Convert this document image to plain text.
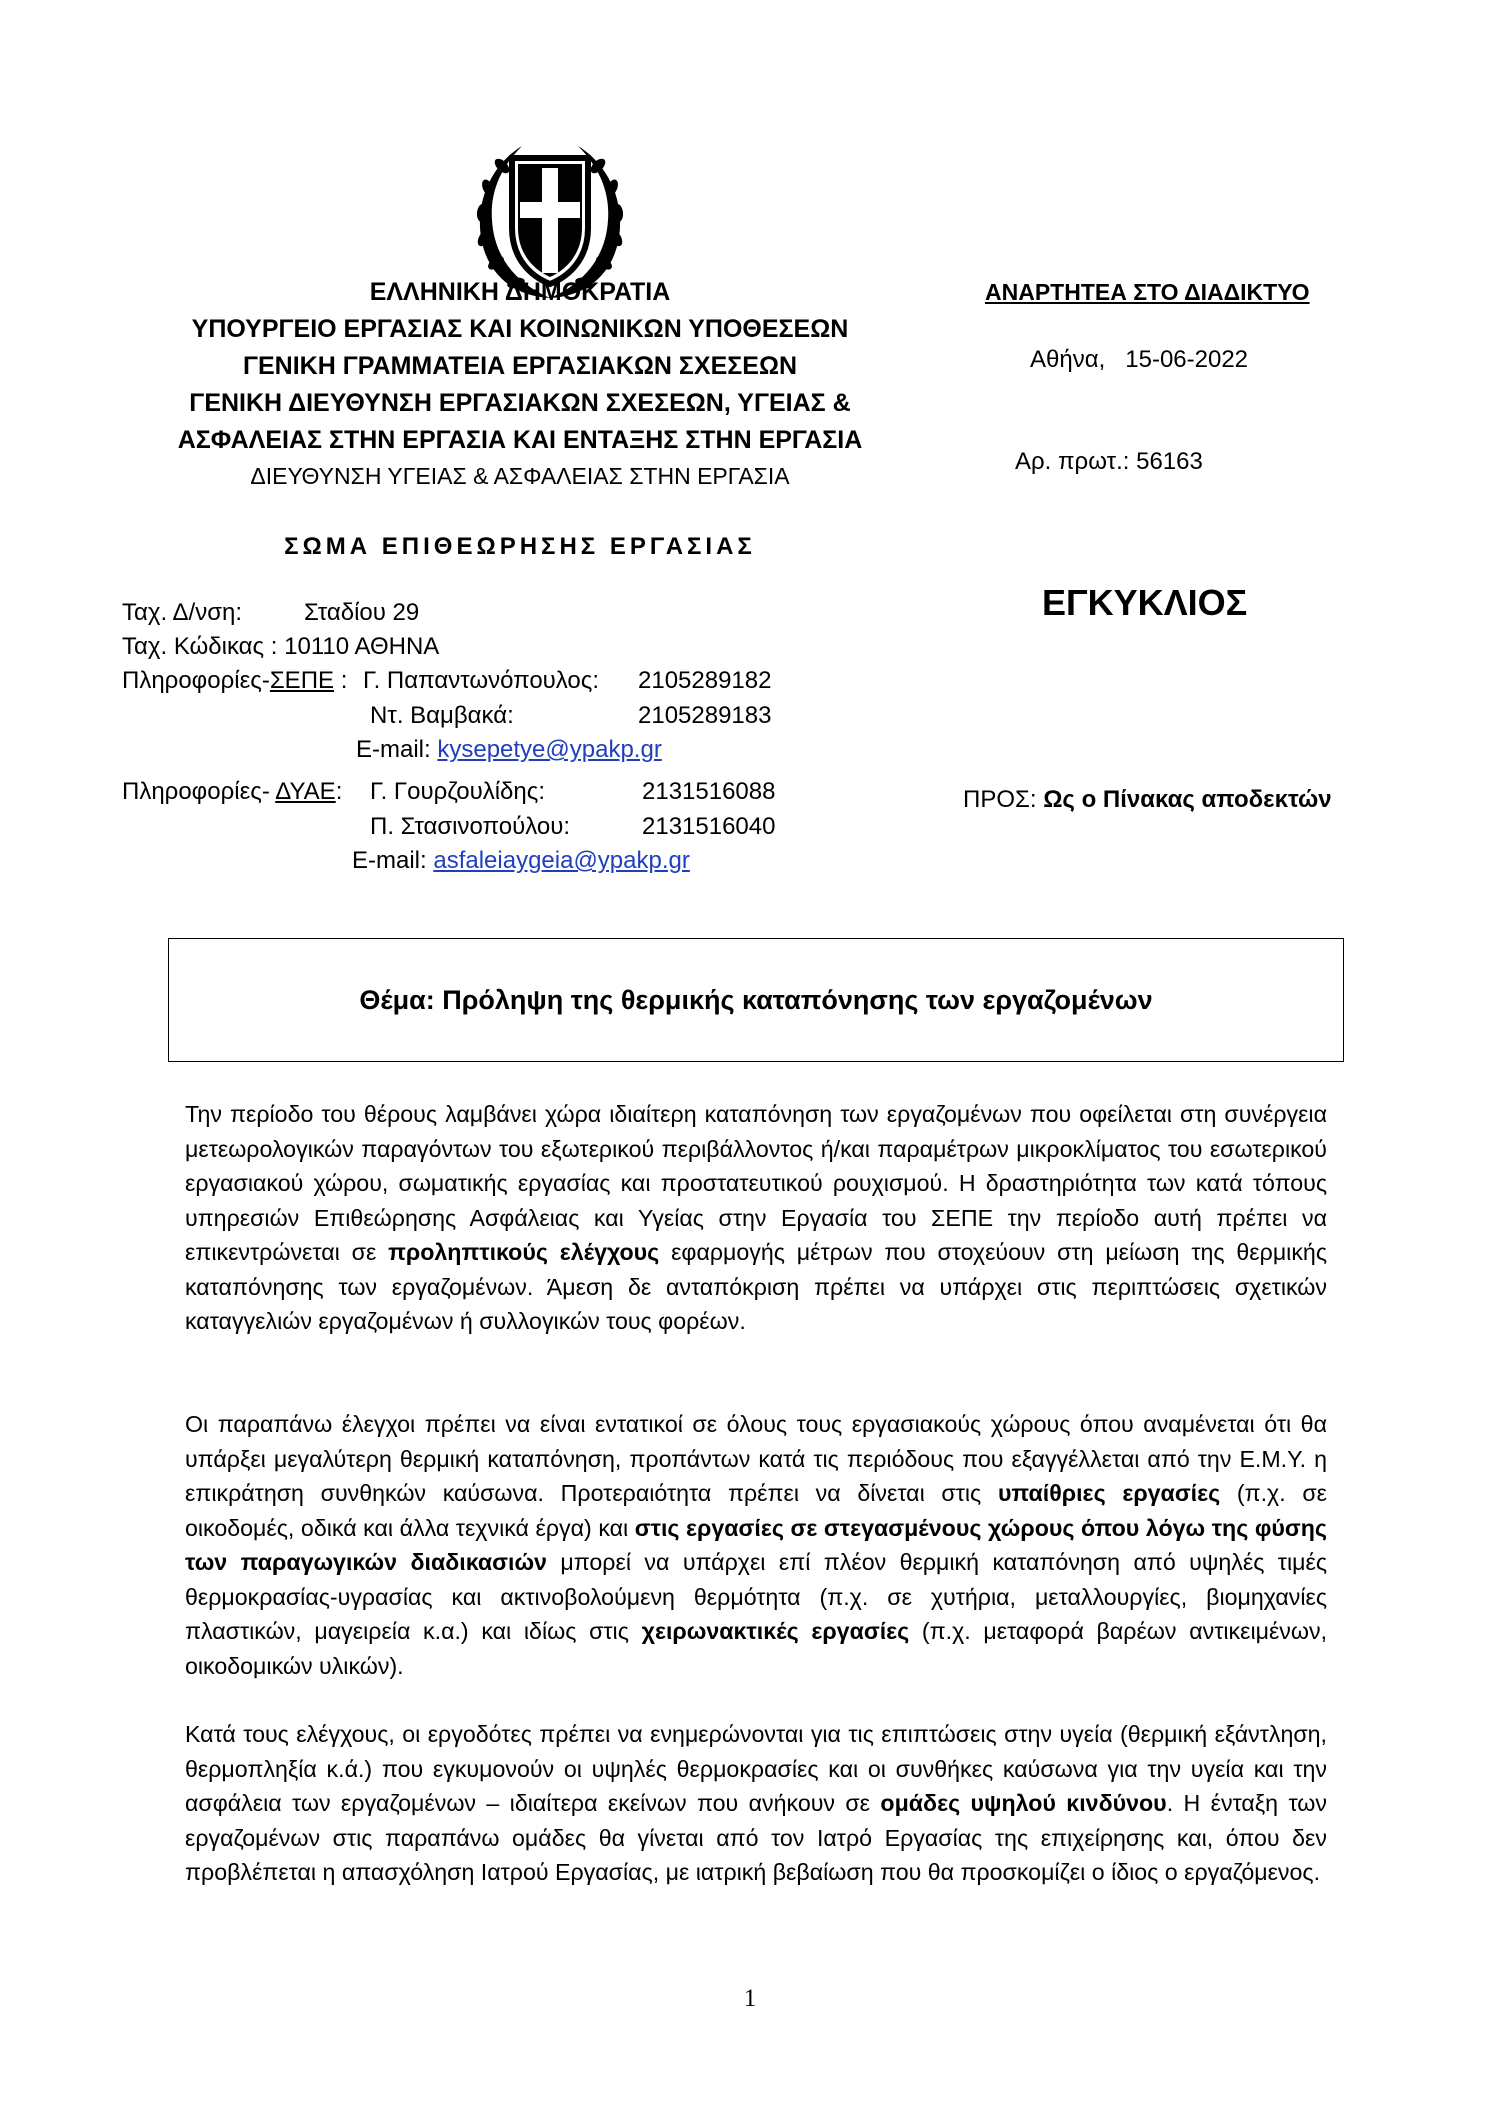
ΕΛΛΗΝΙΚΗ ΔΗΜΟΚΡΑΤΙΑ
ΥΠΟΥΡΓΕΙΟ ΕΡΓΑΣΙΑΣ ΚΑΙ ΚΟΙΝΩΝΙΚΩΝ ΥΠΟΘΕΣΕΩΝ
ΓΕΝΙΚΗ ΓΡΑΜΜΑΤΕΙΑ ΕΡΓΑΣΙΑΚΩΝ ΣΧΕΣΕΩΝ
ΓΕΝΙΚΗ ΔΙΕΥΘΥΝΣΗ ΕΡΓΑΣΙΑΚΩΝ ΣΧΕΣΕΩΝ, ΥΓΕΙΑΣ &
ΑΣΦΑΛΕΙΑΣ ΣΤΗΝ ΕΡΓΑΣΙΑ ΚΑΙ ΕΝΤΑΞΗΣ ΣΤΗΝ ΕΡΓΑΣΙΑ
ΔΙΕΥΘΥΝΣΗ ΥΓΕΙΑΣ & ΑΣΦΑΛΕΙΑΣ ΣΤΗΝ ΕΡΓΑΣΙΑ
ΣΩΜΑ ΕΠΙΘΕΩΡΗΣΗΣ ΕΡΓΑΣΙΑΣ
Ταχ. Δ/νση:	Σταδίου 29
Ταχ. Κώδικας : 10110 ΑΘΗΝΑ
Πληροφορίες-ΣΕΠΕ : Γ. Παπαντωνόπουλος: 2105289182
Ντ. Βαμβακά:	2105289183
E-mail: kysepetye@ypakp.gr
Πληροφορίες- ΔΥΑΕ: Γ. Γουρζουλίδης:	2131516088
Π. Στασινοπούλου:	2131516040
E-mail: asfaleiaygeia@ypakp.gr
ΑΝΑΡΤΗΤΕΑ ΣΤΟ ΔΙΑΔΙΚΤΥΟ
Αθήνα, 15-06-2022
Αρ. πρωτ.: 56163
ΕΓΚΥΚΛΙΟΣ
ΠΡΟΣ: Ως ο Πίνακας αποδεκτών
Θέμα: Πρόληψη της θερμικής καταπόνησης των εργαζομένων
Την περίοδο του θέρους λαμβάνει χώρα ιδιαίτερη καταπόνηση των εργαζομένων που οφείλεται στη συνέργεια μετεωρολογικών παραγόντων του εξωτερικού περιβάλλοντος ή/και παραμέτρων μικροκλίματος του εσωτερικού εργασιακού χώρου, σωματικής εργασίας και προστατευτικού ρουχισμού. Η δραστηριότητα των κατά τόπους υπηρεσιών Επιθεώρησης Ασφάλειας και Υγείας στην Εργασία του ΣΕΠΕ την περίοδο αυτή πρέπει να επικεντρώνεται σε προληπτικούς ελέγχους εφαρμογής μέτρων που στοχεύουν στη μείωση της θερμικής καταπόνησης των εργαζομένων. Άμεση δε ανταπόκριση πρέπει να υπάρχει στις περιπτώσεις σχετικών καταγγελιών εργαζομένων ή συλλογικών τους φορέων.
Οι παραπάνω έλεγχοι πρέπει να είναι εντατικοί σε όλους τους εργασιακούς χώρους όπου αναμένεται ότι θα υπάρξει μεγαλύτερη θερμική καταπόνηση, προπάντων κατά τις περιόδους που εξαγγέλλεται από την Ε.Μ.Υ. η επικράτηση συνθηκών καύσωνα. Προτεραιότητα πρέπει να δίνεται στις υπαίθριες εργασίες (π.χ. σε οικοδομές, οδικά και άλλα τεχνικά έργα) και στις εργασίες σε στεγασμένους χώρους όπου λόγω της φύσης των παραγωγικών διαδικασιών μπορεί να υπάρχει επί πλέον θερμική καταπόνηση από υψηλές τιμές θερμοκρασίας-υγρασίας και ακτινοβολούμενη θερμότητα (π.χ. σε χυτήρια, μεταλλουργίες, βιομηχανίες πλαστικών, μαγειρεία κ.α.) και ιδίως στις χειρωνακτικές εργασίες (π.χ. μεταφορά βαρέων αντικειμένων, οικοδομικών υλικών).
Κατά τους ελέγχους, οι εργοδότες πρέπει να ενημερώνονται για τις επιπτώσεις στην υγεία (θερμική εξάντληση, θερμοπληξία κ.ά.) που εγκυμονούν οι υψηλές θερμοκρασίες και οι συνθήκες καύσωνα για την υγεία και την ασφάλεια των εργαζομένων – ιδιαίτερα εκείνων που ανήκουν σε ομάδες υψηλού κινδύνου. Η ένταξη των εργαζομένων στις παραπάνω ομάδες θα γίνεται από τον Ιατρό Εργασίας της επιχείρησης και, όπου δεν προβλέπεται η απασχόληση Ιατρού Εργασίας, με ιατρική βεβαίωση που θα προσκομίζει ο ίδιος ο εργαζόμενος.
1
